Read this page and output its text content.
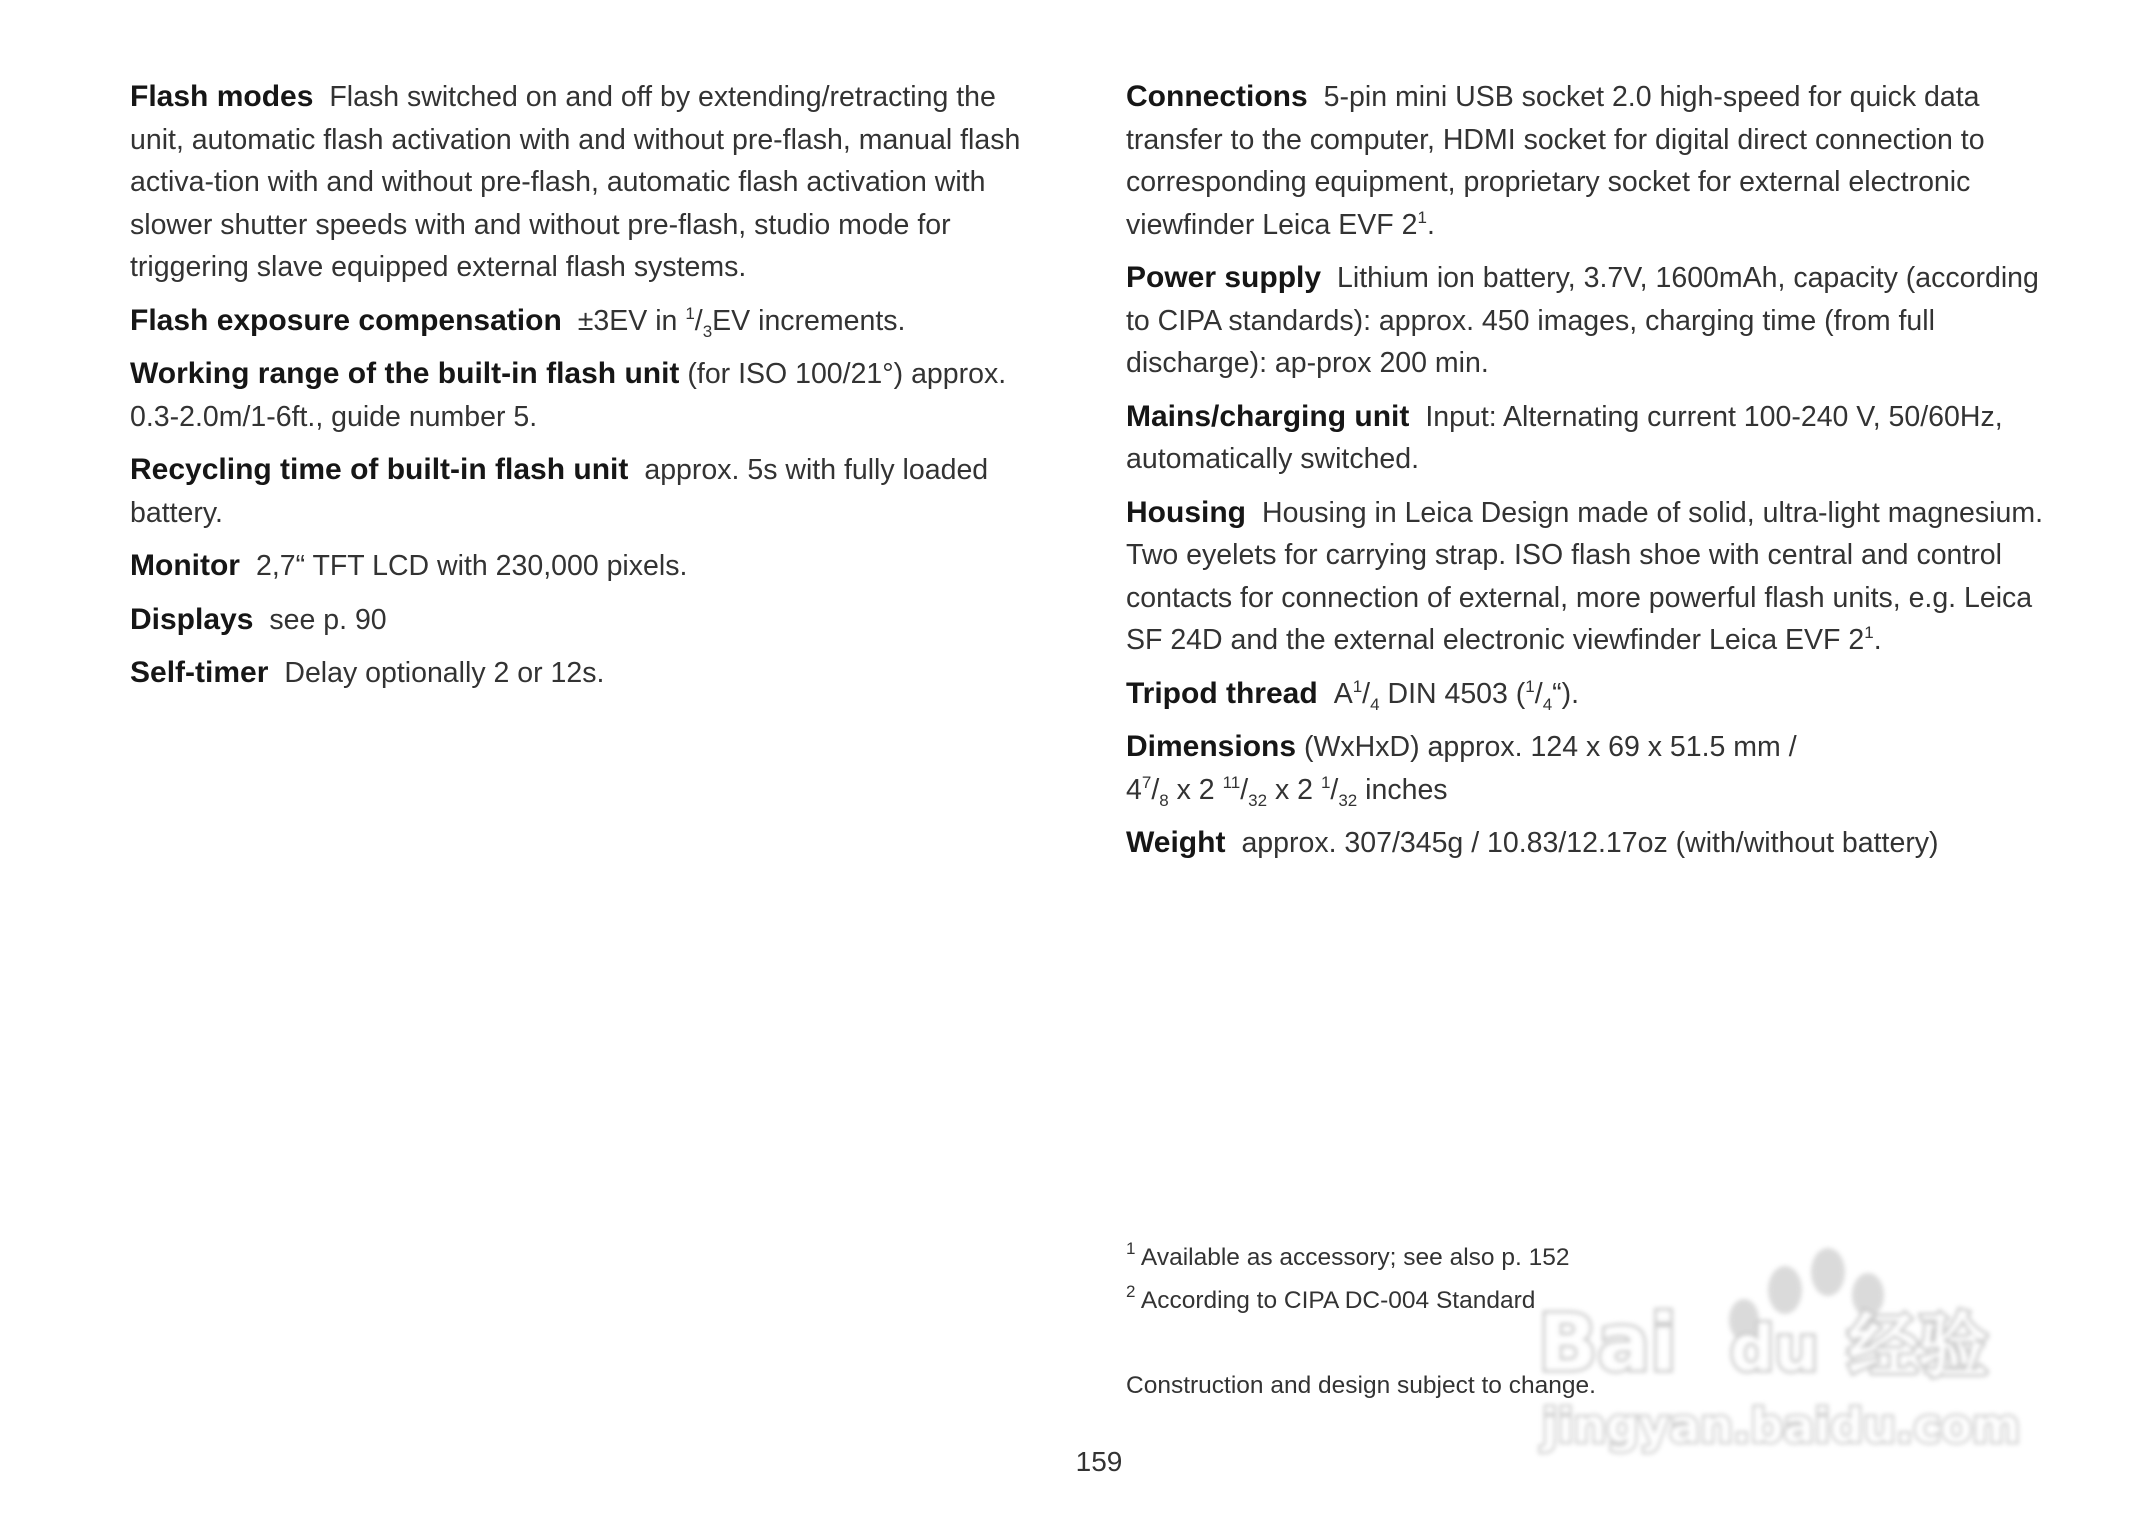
Flash modes Flash switched on and off by extending/retracting the unit, automatic flash activation with and without pre-flash, manual flash activa-tion with and without pre-flash, automatic flash activation with slower shutter speeds with and without pre-flash, studio mode for triggering slave equipped external flash systems.

Flash exposure compensation ±3EV in $^1/_3EV$ increments.

Working range of the built-in flash unit (for ISO 100/21°) approx. 0.3-2.0m/1-6ft., guide number 5.

Recycling time of built-in flash unit approx. 5s with fully loaded battery.

Monitor 2,7“ TFT LCD with 230,000 pixels.

Displays see p. 90

Self-timer Delay optionally 2 or 12s.

Connections 5-pin mini USB socket 2.0 high-speed for quick data transfer to the computer, HDMI socket for digital direct connection to corresponding equipment, proprietary socket for external electronic viewfinder Leica EVF $2^1$.

Power supply Lithium ion battery, 3.7V, 1600mAh, capacity (according to CIPA standards): approx. 450 images, charging time (from full discharge): ap-prox 200 min.

Mains/charging unit Input: Alternating current 100-240 V, 50/60Hz, automatically switched.

Housing Housing in Leica Design made of solid, ultra-light magnesium. Two eyelets for carrying strap. ISO flash shoe with central and control contacts for connection of external, more powerful flash units, e.g. Leica SF 24D and the external electronic viewfinder Leica EVF $2^1$.

Tripod thread $A^1/_4$ DIN 4503 $(^1/_4“)$.

Dimensions (WxHxD) approx. 124 x 69 x 51.5 mm /
$4^7/_8$ x 2 $^{11}/_{32}$ x 2 $^1/_{32}$ inches

Weight approx. 307/345g / 10.83/12.17oz (with/without battery)

$^1$ Available as accessory; see also p. 152
$^2$ According to CIPA DC-004 Standard
Construction and design subject to change.
159
Bai du 经验
jingyan.baidu.com
